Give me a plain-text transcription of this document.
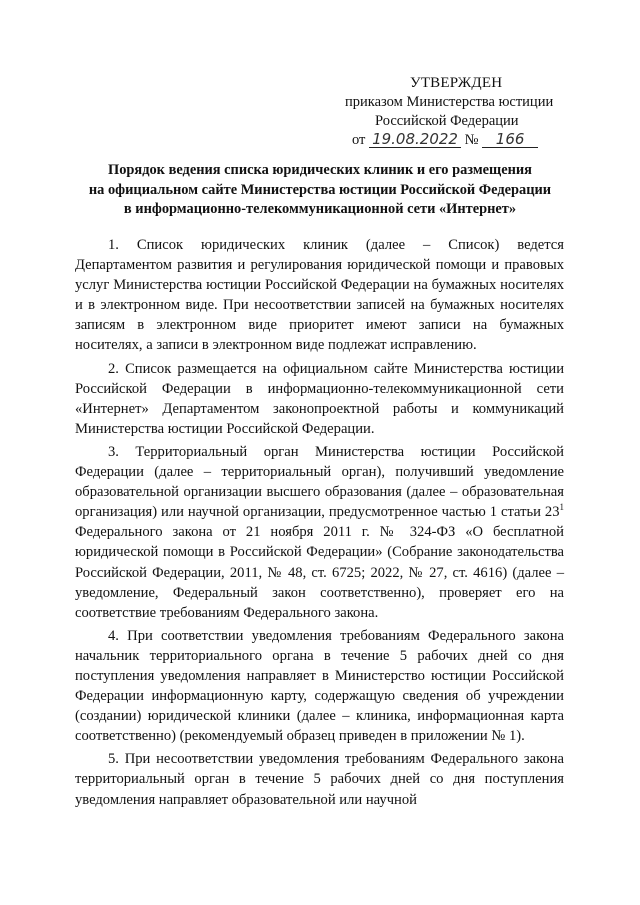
УТВЕРЖДЕН
приказом Министерства юстиции
Российской Федерации
от 19.08.2022 № 166
Порядок ведения списка юридических клиник и его размещения
на официальном сайте Министерства юстиции Российской Федерации
в информационно-телекоммуникационной сети «Интернет»

1. Список юридических клиник (далее – Список) ведется Департаментом развития и регулирования юридической помощи и правовых услуг Министерства юстиции Российской Федерации на бумажных носителях и в электронном виде. При несоответствии записей на бумажных носителях записям в электронном виде приоритет имеют записи на бумажных носителях, а записи в электронном виде подлежат исправлению.

2. Список размещается на официальном сайте Министерства юстиции Российской Федерации в информационно-телекоммуникационной сети «Интернет» Департаментом законопроектной работы и коммуникаций Министерства юстиции Российской Федерации.

3. Территориальный орган Министерства юстиции Российской Федерации (далее – территориальный орган), получивший уведомление образовательной организации высшего образования (далее – образовательная организация) или научной организации, предусмотренное частью 1 статьи $23^1$ Федерального закона от 21 ноября 2011 г. № 324-ФЗ «О бесплатной юридической помощи в Российской Федерации» (Собрание законодательства Российской Федерации, 2011, № 48, ст. 6725; 2022, № 27, ст. 4616) (далее – уведомление, Федеральный закон соответственно), проверяет его на соответствие требованиям Федерального закона.

4. При соответствии уведомления требованиям Федерального закона начальник территориального органа в течение 5 рабочих дней со дня поступления уведомления направляет в Министерство юстиции Российской Федерации информационную карту, содержащую сведения об учреждении (создании) юридической клиники (далее – клиника, информационная карта соответственно) (рекомендуемый образец приведен в приложении № 1).

5. При несоответствии уведомления требованиям Федерального закона территориальный орган в течение 5 рабочих дней со дня поступления уведомления направляет образовательной или научной
